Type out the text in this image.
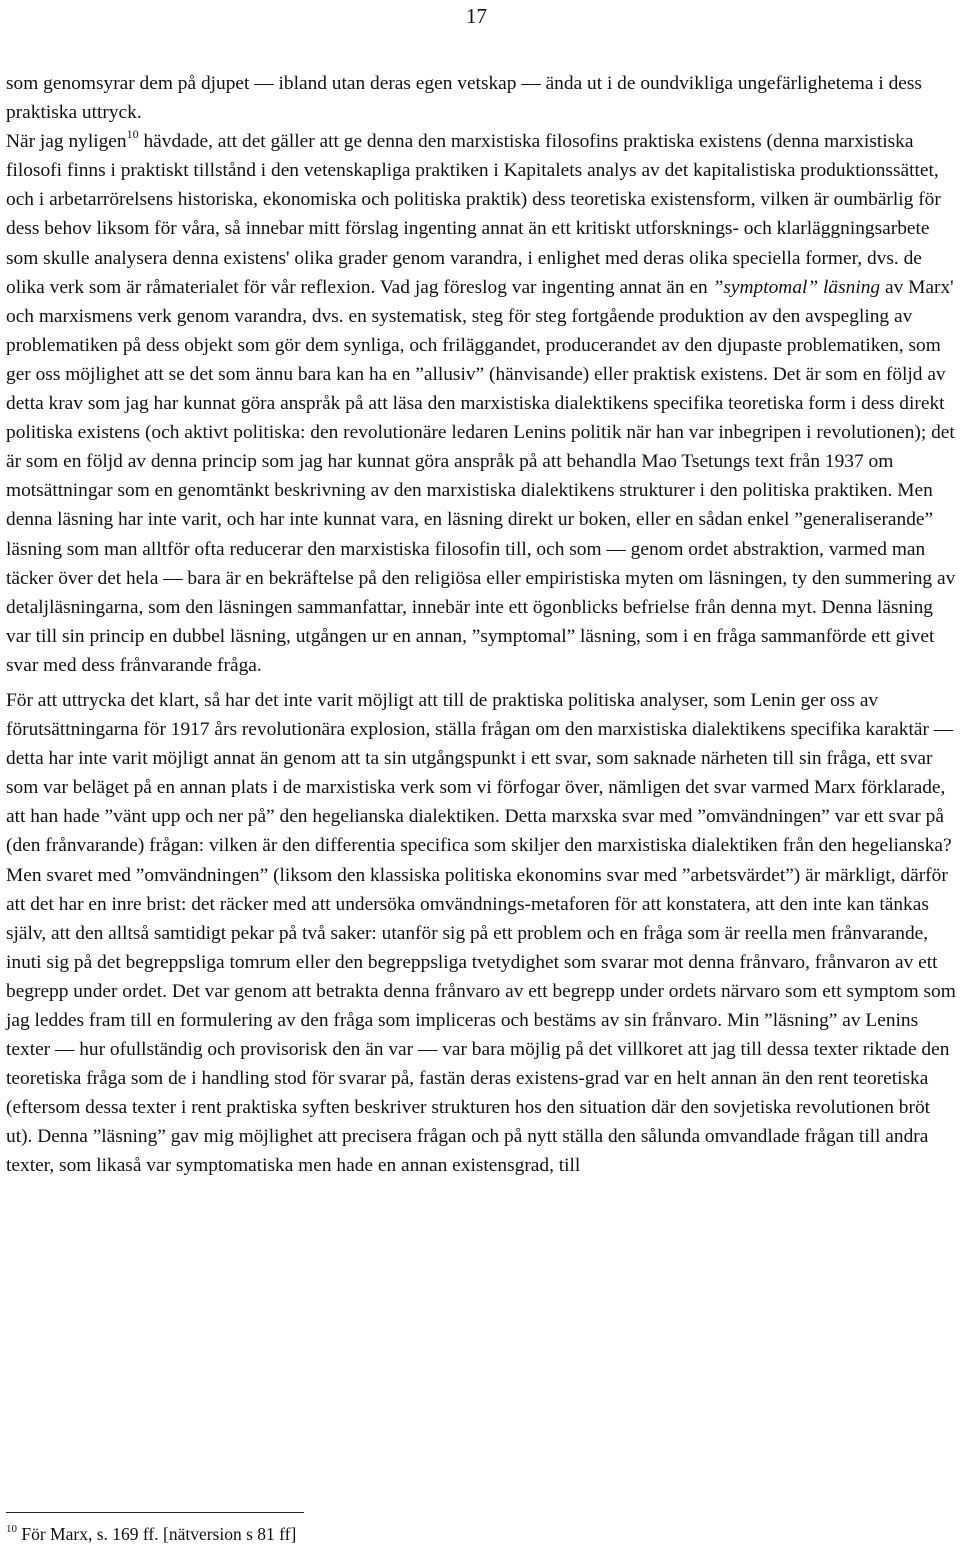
17

som genomsyrar dem på djupet — ibland utan deras egen vetskap — ända ut i de oundvikliga ungefärlighetema i dess praktiska uttryck.
När jag nyligen$^{10}$ hävdade, att det gäller att ge denna den marxistiska filosofins praktiska existens (denna marxistiska filosofi finns i praktiskt tillstånd i den vetenskapliga praktiken i Kapitalets analys av det kapitalistiska produktionssättet, och i arbetarrörelsens historiska, ekonomiska och politiska praktik) dess teoretiska existensform, vilken är oumbärlig för dess behov liksom för våra, så innebar mitt förslag ingenting annat än ett kritiskt utforsknings- och klarläggningsarbete som skulle analysera denna existens' olika grader genom varandra, i enlighet med deras olika speciella former, dvs. de olika verk som är råmaterialet för vår reflexion. Vad jag föreslog var ingenting annat än en ”symptomal” läsning av Marx' och marxismens verk genom varandra, dvs. en systematisk, steg för steg fortgående produktion av den avspegling av problematiken på dess objekt som gör dem synliga, och friläggandet, producerandet av den djupaste problematiken, som ger oss möjlighet att se det som ännu bara kan ha en ”allusiv” (hänvisande) eller praktisk existens. Det är som en följd av detta krav som jag har kunnat göra anspråk på att läsa den marxistiska dialektikens specifika teoretiska form i dess direkt politiska existens (och aktivt politiska: den revolutionäre ledaren Lenins politik när han var inbegripen i revolutionen); det är som en följd av denna princip som jag har kunnat göra anspråk på att behandla Mao Tsetungs text från 1937 om motsättningar som en genomtänkt beskrivning av den marxistiska dialektikens strukturer i den politiska praktiken. Men denna läsning har inte varit, och har inte kunnat vara, en läsning direkt ur boken, eller en sådan enkel ”generaliserande” läsning som man alltför ofta reducerar den marxistiska filosofin till, och som — genom ordet abstraktion, varmed man täcker över det hela — bara är en bekräftelse på den religiösa eller empiristiska myten om läsningen, ty den summering av detaljläsningarna, som den läsningen sammanfattar, innebär inte ett ögonblicks befrielse från denna myt. Denna läsning var till sin princip en dubbel läsning, utgången ur en annan, ”symptomal” läsning, som i en fråga sammanförde ett givet svar med dess frånvarande fråga.

För att uttrycka det klart, så har det inte varit möjligt att till de praktiska politiska analyser, som Lenin ger oss av förutsättningarna för 1917 års revolutionära explosion, ställa frågan om den marxistiska dialektikens specifika karaktär — detta har inte varit möjligt annat än genom att ta sin utgångspunkt i ett svar, som saknade närheten till sin fråga, ett svar som var beläget på en annan plats i de marxistiska verk som vi förfogar över, nämligen det svar varmed Marx förklarade, att han hade ”vänt upp och ner på” den hegelianska dialektiken. Detta marxska svar med ”omvändningen” var ett svar på (den frånvarande) frågan: vilken är den differentia specifica som skiljer den marxistiska dialektiken från den hegelianska? Men svaret med ”omvändningen” (liksom den klassiska politiska ekonomins svar med ”arbetsvärdet”) är märkligt, därför att det har en inre brist: det räcker med att undersöka omvändnings-metaforen för att konstatera, att den inte kan tänkas själv, att den alltså samtidigt pekar på två saker: utanför sig på ett problem och en fråga som är reella men frånvarande, inuti sig på det begreppsliga tomrum eller den begreppsliga tvetydighet som svarar mot denna frånvaro, frånvaron av ett begrepp under ordet. Det var genom att betrakta denna frånvaro av ett begrepp under ordets närvaro som ett symptom som jag leddes fram till en formulering av den fråga som impliceras och bestäms av sin frånvaro. Min ”läsning” av Lenins texter — hur ofullständig och provisorisk den än var — var bara möjlig på det villkoret att jag till dessa texter riktade den teoretiska fråga som de i handling stod för svarar på, fastän deras existens-grad var en helt annan än den rent teoretiska (eftersom dessa texter i rent praktiska syften beskriver strukturen hos den situation där den sovjetiska revolutionen bröt ut). Denna ”läsning” gav mig möjlighet att precisera frågan och på nytt ställa den sålunda omvandlade frågan till andra texter, som likaså var symptomatiska men hade en annan existensgrad, till

$^{10}$ För Marx, s. 169 ff. [nätversion s 81 ff]
